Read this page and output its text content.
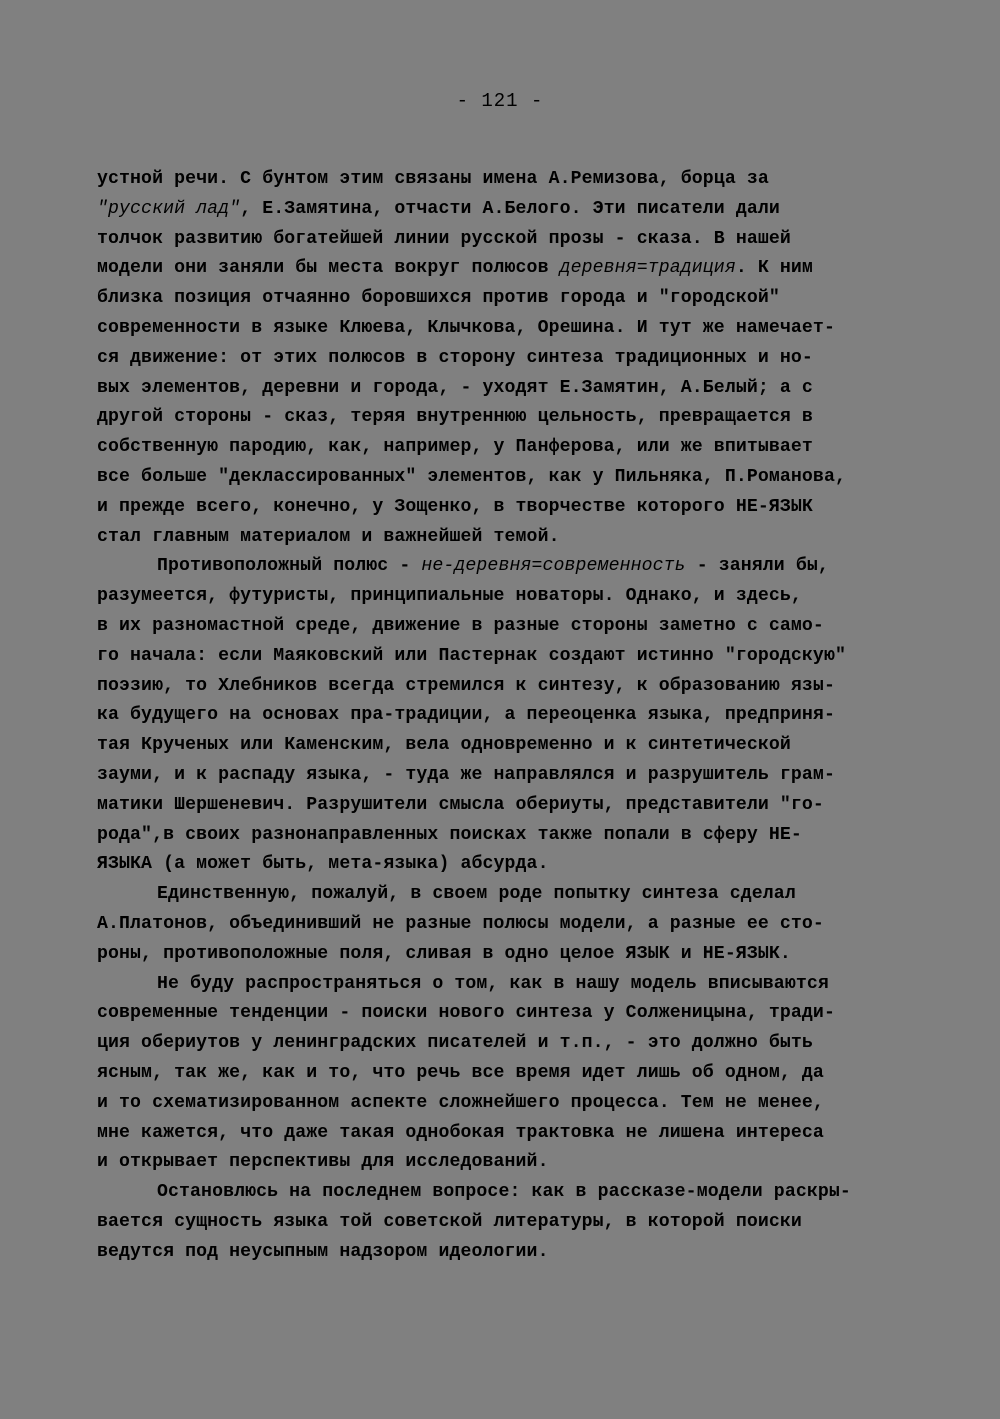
- 121 -
устной речи. С бунтом этим связаны имена А.Ремизова, борца за
"русский лад", Е.Замятина, отчасти А.Белого. Эти писатели дали
толчок развитию богатейшей линии русской прозы - сказа. В нашей
модели они заняли бы места вокруг полюсов деревня=традиция. К ним
близка позиция отчаянно боровшихся против города и "городской"
современности в языке Клюева, Клычкова, Орешина. И тут же намечает-
ся движение: от этих полюсов в сторону синтеза традиционных и но-
вых элементов, деревни и города, - уходят Е.Замятин, А.Белый; а с
другой стороны - сказ, теряя внутреннюю цельность, превращается в
собственную пародию, как, например, у Панферова, или же впитывает
все больше "деклассированных" элементов, как у Пильняка, П.Романова,
и прежде всего, конечно, у Зощенко, в творчестве которого НЕ-ЯЗЫК
стал главным материалом и важнейшей темой.
Противоположный полюс - не-деревня=современность - заняли бы,
разумеется, футуристы, принципиальные новаторы. Однако, и здесь,
в их разномастной среде, движение в разные стороны заметно с само-
го начала: если Маяковский или Пастернак создают истинно "городскую"
поэзию, то Хлебников всегда стремился к синтезу, к образованию язы-
ка будущего на основах пра-традиции, а переоценка языка, предприня-
тая Крученых или Каменским, вела одновременно и к синтетической
зауми, и к распаду языка, - туда же направлялся и разрушитель грам-
матики Шершеневич. Разрушители смысла обериуты, представители "го-
рода",в своих разнонаправленных поисках также попали в сферу НЕ-
ЯЗЫКА (а может быть, мета-языка) абсурда.
Единственную, пожалуй, в своем роде попытку синтеза сделал
А.Платонов, объединивший не разные полюсы модели, а разные ее сто-
роны, противоположные поля, сливая в одно целое ЯЗЫК и НЕ-ЯЗЫК.
Не буду распространяться о том, как в нашу модель вписываются
современные тенденции - поиски нового синтеза у Солженицына, тради-
ция обериутов у ленинградских писателей и т.п., - это должно быть
ясным, так же, как и то, что речь все время идет лишь об одном, да
и то схематизированном аспекте сложнейшего процесса. Тем не менее,
мне кажется, что даже такая однобокая трактовка не лишена интереса
и открывает перспективы для исследований.
Остановлюсь на последнем вопросе: как в рассказе-модели раскры-
вается сущность языка той советской литературы, в которой поиски
ведутся под неусыпным надзором идеологии.
